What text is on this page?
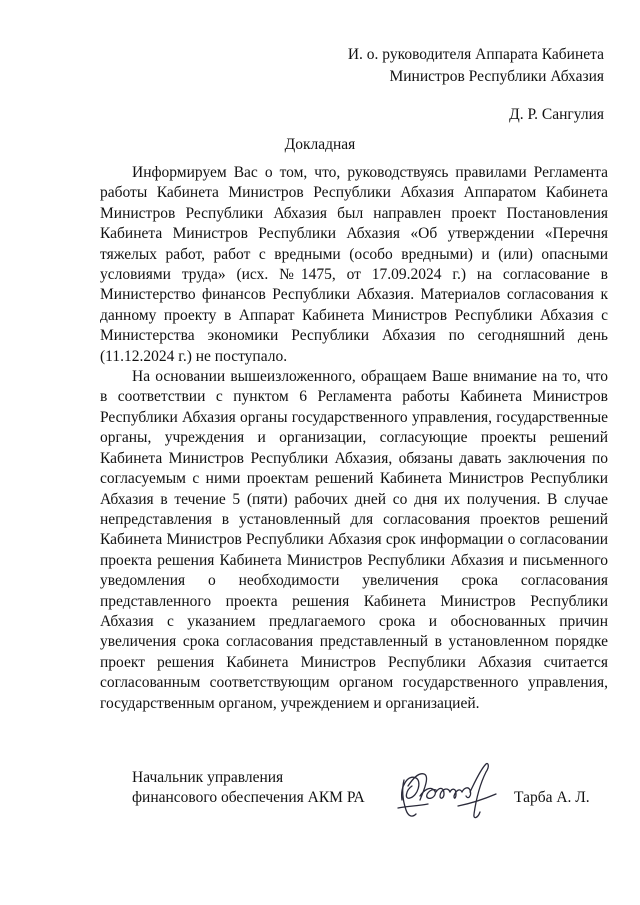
И. о. руководителя Аппарата Кабинета
Министров Республики Абхазия
Д. Р. Сангулия
Докладная

Информируем Вас о том, что, руководствуясь правилами Регламента работы Кабинета Министров Республики Абхазия Аппаратом Кабинета Министров Республики Абхазия был направлен проект Постановления Кабинета Министров Республики Абхазия «Об утверждении «Перечня тяжелых работ, работ с вредными (особо вредными) и (или) опасными условиями труда» (исх. №1475, от 17.09.2024 г.) на согласование в Министерство финансов Республики Абхазия. Материалов согласования к данному проекту в Аппарат Кабинета Министров Республики Абхазия с Министерства экономики Республики Абхазия по сегодняшний день (11.12.2024 г.) не поступало.

На основании вышеизложенного, обращаем Ваше внимание на то, что в соответствии с пунктом 6 Регламента работы Кабинета Министров Республики Абхазия органы государственного управления, государственные органы, учреждения и организации, согласующие проекты решений Кабинета Министров Республики Абхазия, обязаны давать заключения по согласуемым с ними проектам решений Кабинета Министров Республики Абхазия в течение 5 (пяти) рабочих дней со дня их получения. В случае непредставления в установленный для согласования проектов решений Кабинета Министров Республики Абхазия срок информации о согласовании проекта решения Кабинета Министров Республики Абхазия и письменного уведомления о необходимости увеличения срока согласования представленного проекта решения Кабинета Министров Республики Абхазия с указанием предлагаемого срока и обоснованных причин увеличения срока согласования представленный в установленном порядке проект решения Кабинета Министров Республики Абхазия считается согласованным соответствующим органом государственного управления, государственным органом, учреждением и организацией.

Начальник управления
финансового обеспечения АКМ РА	Тарба А. Л.
